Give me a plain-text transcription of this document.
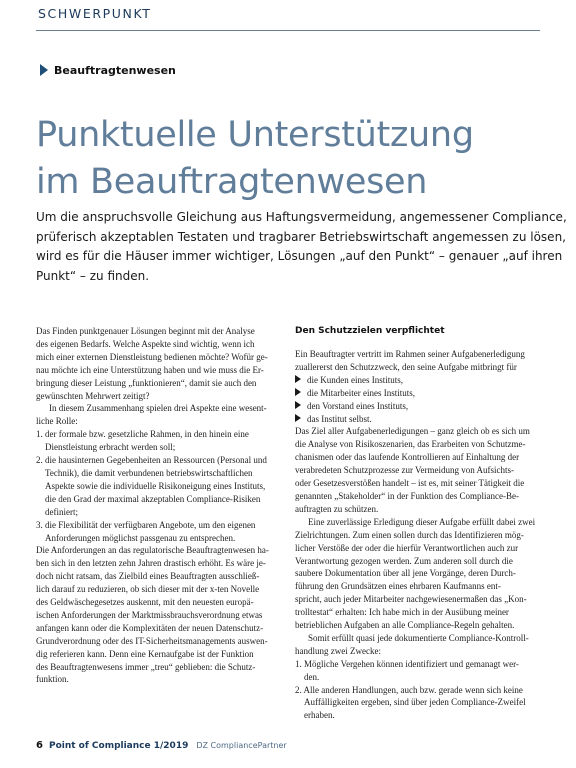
SCHWERPUNKT
Beauftragtenwesen
Punktuelle Unterstützung
im Beauftragtenwesen

Um die anspruchsvolle Gleichung aus Haftungsvermeidung, angemessener Compliance,
prüferisch akzeptablen Testaten und tragbarer Betriebswirtschaft angemessen zu lösen,
wird es für die Häuser immer wichtiger, Lösungen „auf den Punkt“ – genauer „auf ihren
Punkt“ – zu finden.

Das Finden punktgenauer Lösungen beginnt mit der Analyse
des eigenen Bedarfs. Welche Aspekte sind wichtig, wenn ich
mich einer externen Dienstleistung bedienen möchte? Wofür ge-
nau möchte ich eine Unterstützung haben und wie muss die Er-
bringung dieser Leistung „funktionieren“, damit sie auch den
gewünschten Mehrwert zeitigt?

In diesem Zusammenhang spielen drei Aspekte eine wesent-
liche Rolle:

1. der formale bzw. gesetzliche Rahmen, in den hinein eine
Dienstleistung erbracht werden soll;
2. die hausinternen Gegebenheiten an Ressourcen (Personal und
Technik), die damit verbundenen betriebswirtschaftlichen
Aspekte sowie die individuelle Risikoneigung eines Instituts,
die den Grad der maximal akzeptablen Compliance-Risiken
definiert;
3. die Flexibilität der verfügbaren Angebote, um den eigenen
Anforderungen möglichst passgenau zu entsprechen.

Die Anforderungen an das regulatorische Beauftragtenwesen ha-
ben sich in den letzten zehn Jahren drastisch erhöht. Es wäre je-
doch nicht ratsam, das Zielbild eines Beauftragten ausschließ-
lich darauf zu reduzieren, ob sich dieser mit der x-ten Novelle
des Geldwäschegesetzes auskennt, mit den neuesten europä-
ischen Anforderungen der Marktmissbrauchsverordnung etwas
anfangen kann oder die Komplexitäten der neuen Datenschutz-
Grundverordnung oder des IT-Sicherheitsmanagements auswen-
dig referieren kann. Denn eine Kernaufgabe ist der Funktion
des Beauftragtenwesens immer „treu“ geblieben: die Schutz-
funktion.

Den Schutzzielen verpflichtet

Ein Beauftragter vertritt im Rahmen seiner Aufgabenerledigung
zuallererst den Schutzzweck, den seine Aufgabe mitbringt für

die Kunden eines Instituts,
die Mitarbeiter eines Instituts,
den Vorstand eines Instituts,
das Institut selbst.

Das Ziel aller Aufgabenerledigungen – ganz gleich ob es sich um
die Analyse von Risikoszenarien, das Erarbeiten von Schutzme-
chanismen oder das laufende Kontrollieren auf Einhaltung der
verabredeten Schutzprozesse zur Vermeidung von Aufsichts-
oder Gesetzesverstößen handelt – ist es, mit seiner Tätigkeit die
genannten „Stakeholder“ in der Funktion des Compliance-Be-
auftragten zu schützen.

Eine zuverlässige Erledigung dieser Aufgabe erfüllt dabei zwei
Zielrichtungen. Zum einen sollen durch das Identifizieren mög-
licher Verstöße der oder die hierfür Verantwortlichen auch zur
Verantwortung gezogen werden. Zum anderen soll durch die
saubere Dokumentation über all jene Vorgänge, deren Durch-
führung den Grundsätzen eines ehrbaren Kaufmanns ent-
spricht, auch jeder Mitarbeiter nachgewiesenermaßen das „Kon-
trolltestat“ erhalten: Ich habe mich in der Ausübung meiner
betrieblichen Aufgaben an alle Compliance-Regeln gehalten.

Somit erfüllt quasi jede dokumentierte Compliance-Kontroll-
handlung zwei Zwecke:

1. Mögliche Vergehen können identifiziert und gemanagt wer-
den.
2. Alle anderen Handlungen, auch bzw. gerade wenn sich keine
Auffälligkeiten ergeben, sind über jeden Compliance-Zweifel
erhaben.

6 Point of Compliance 1/2019 DZ CompliancePartner
